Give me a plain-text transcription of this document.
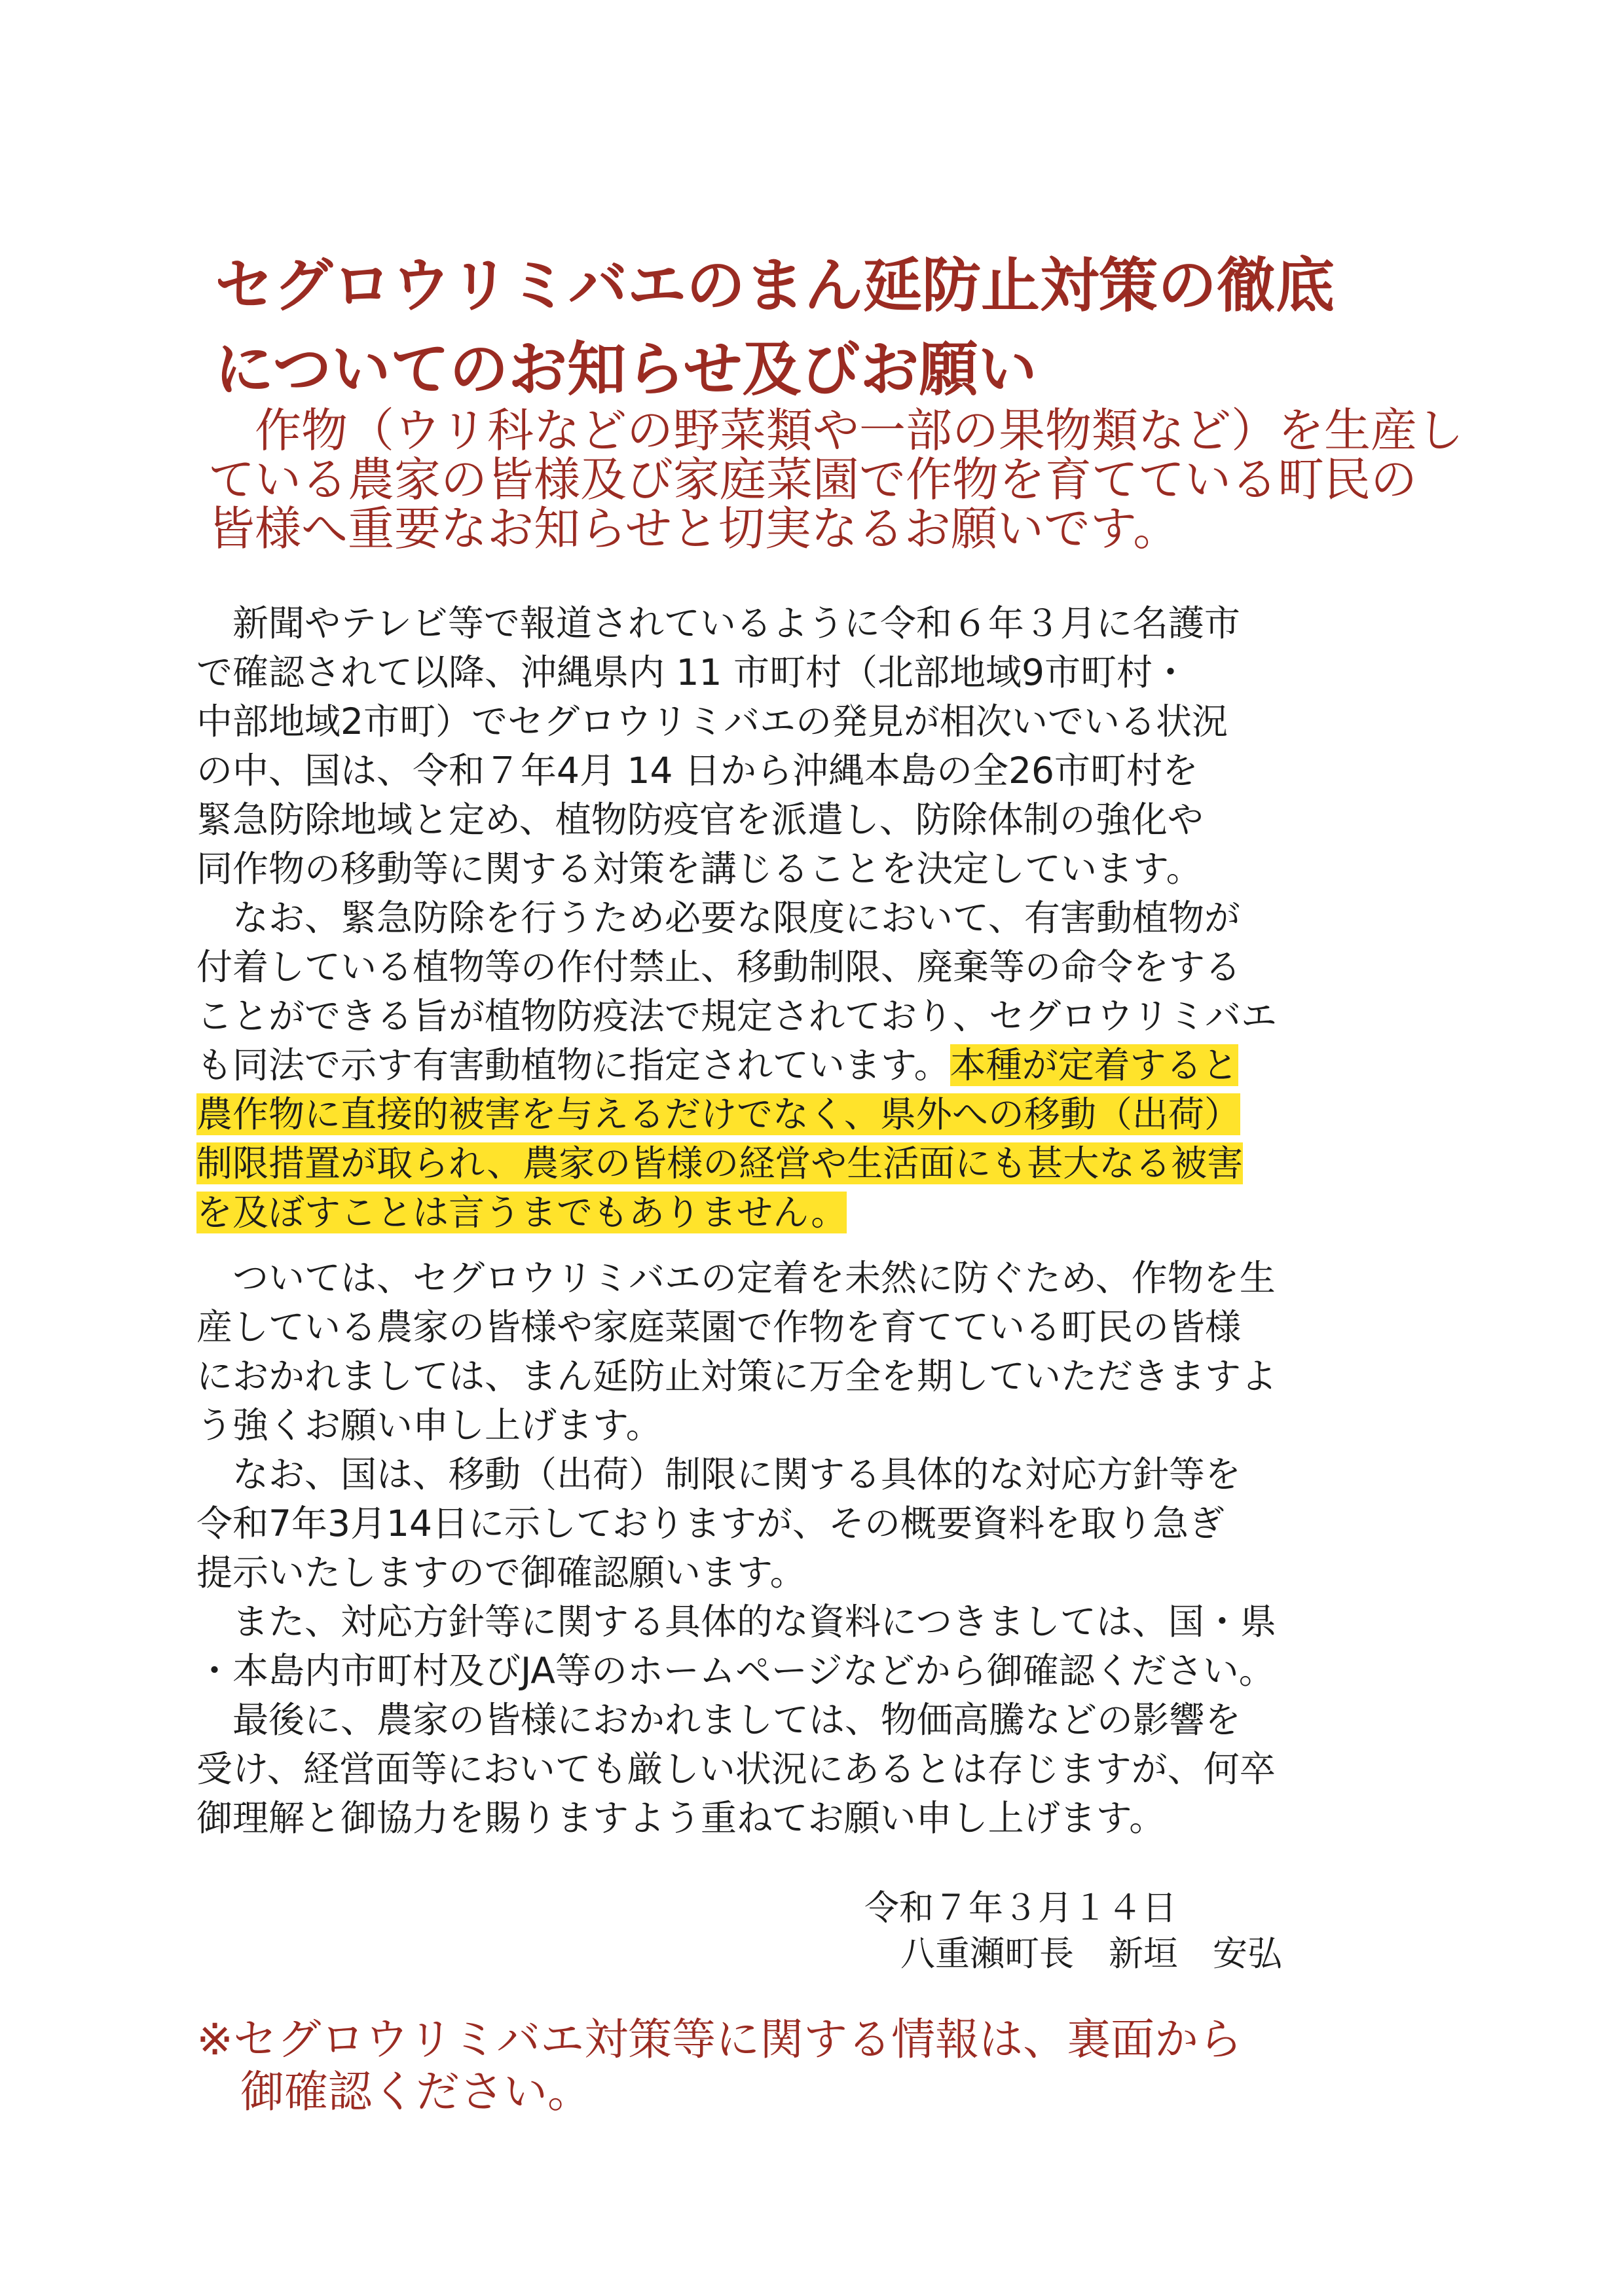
セグロウリミバエのまん延防止対策の徹底
についてのお知らせ及びお願い
　作物（ウリ科などの野菜類や一部の果物類など）を生産し
ている農家の皆様及び家庭菜園で作物を育てている町民の
皆様へ重要なお知らせと切実なるお願いです。
　新聞やテレビ等で報道されているように令和６年３月に名護市
で確認されて以降、沖縄県内 11 市町村（北部地域9市町村・
中部地域2市町）でセグロウリミバエの発見が相次いでいる状況
の中、国は、令和７年4月 14 日から沖縄本島の全26市町村を
緊急防除地域と定め、植物防疫官を派遣し、防除体制の強化や
同作物の移動等に関する対策を講じることを決定しています。
　なお、緊急防除を行うため必要な限度において、有害動植物が
付着している植物等の作付禁止、移動制限、廃棄等の命令をする
ことができる旨が植物防疫法で規定されており、セグロウリミバエ
も同法で示す有害動植物に指定されています。本種が定着すると
農作物に直接的被害を与えるだけでなく、県外への移動（出荷）
制限措置が取られ、農家の皆様の経営や生活面にも甚大なる被害
を及ぼすことは言うまでもありません。
　ついては、セグロウリミバエの定着を未然に防ぐため、作物を生
産している農家の皆様や家庭菜園で作物を育てている町民の皆様
におかれましては、まん延防止対策に万全を期していただきますよ
う強くお願い申し上げます。
　なお、国は、移動（出荷）制限に関する具体的な対応方針等を
令和7年3月14日に示しておりますが、その概要資料を取り急ぎ
提示いたしますので御確認願います。
　また、対応方針等に関する具体的な資料につきましては、国・県
・本島内市町村及びJA等のホームページなどから御確認ください。
　最後に、農家の皆様におかれましては、物価高騰などの影響を
受け、経営面等においても厳しい状況にあるとは存じますが、何卒
御理解と御協力を賜りますよう重ねてお願い申し上げます。
令和７年３月１４日
八重瀬町長　新垣　安弘
※セグロウリミバエ対策等に関する情報は、裏面から
　御確認ください。
